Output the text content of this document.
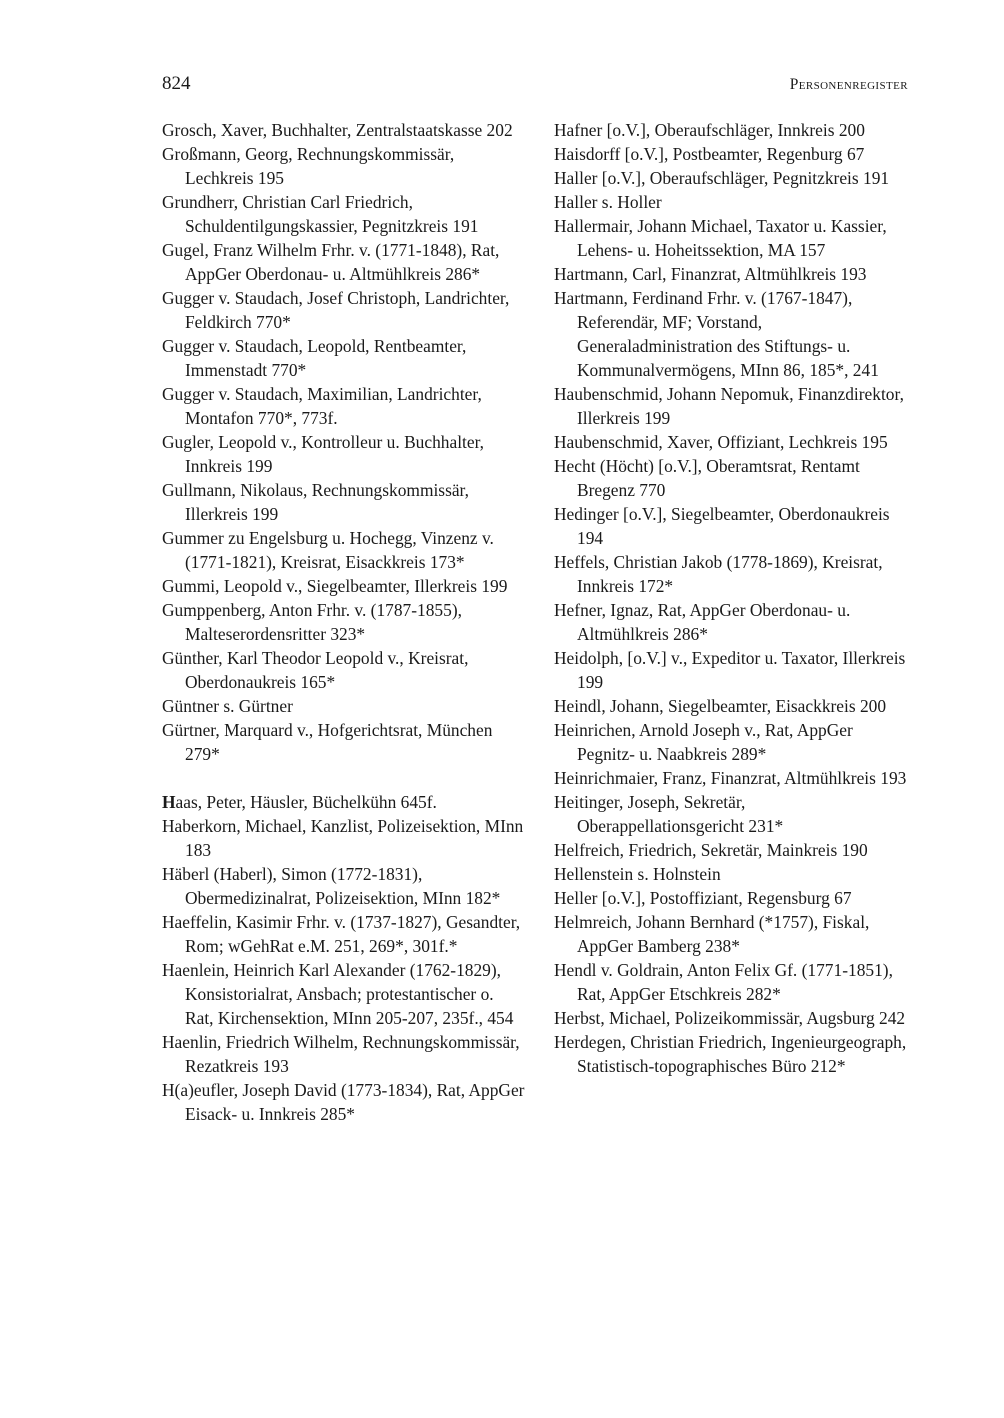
824	Personenregister

Grosch, Xaver, Buchhalter, Zentralstaatskasse 202

Großmann, Georg, Rechnungskommissär, Lechkreis 195

Grundherr, Christian Carl Friedrich, Schuldentilgungskassier, Pegnitzkreis 191

Gugel, Franz Wilhelm Frhr. v. (1771-1848), Rat, AppGer Oberdonau- u. Altmühlkreis 286*

Gugger v. Staudach, Josef Christoph, Landrichter, Feldkirch 770*

Gugger v. Staudach, Leopold, Rentbeamter, Immenstadt 770*

Gugger v. Staudach, Maximilian, Landrichter, Montafon 770*, 773f.

Gugler, Leopold v., Kontrolleur u. Buchhalter, Innkreis 199

Gullmann, Nikolaus, Rechnungskommissär, Illerkreis 199

Gummer zu Engelsburg u. Hochegg, Vinzenz v. (1771-1821), Kreisrat, Eisackkreis 173*

Gummi, Leopold v., Siegelbeamter, Illerkreis 199

Gumppenberg, Anton Frhr. v. (1787-1855), Malteserordensritter 323*

Günther, Karl Theodor Leopold v., Kreisrat, Oberdonaukreis 165*

Güntner s. Gürtner

Gürtner, Marquard v., Hofgerichtsrat, München 279*

Haas, Peter, Häusler, Büchelkühn 645f.

Haberkorn, Michael, Kanzlist, Polizeisektion, MInn 183

Häberl (Haberl), Simon (1772-1831), Obermedizinalrat, Polizeisektion, MInn 182*

Haeffelin, Kasimir Frhr. v. (1737-1827), Gesandter, Rom; wGehRat e.M. 251, 269*, 301f.*

Haenlein, Heinrich Karl Alexander (1762-1829), Konsistorialrat, Ansbach; protestantischer o. Rat, Kirchensektion, MInn 205-207, 235f., 454

Haenlin, Friedrich Wilhelm, Rechnungskommissär, Rezatkreis 193

H(a)eufler, Joseph David (1773-1834), Rat, AppGer Eisack- u. Innkreis 285*

Hafner [o.V.], Oberaufschläger, Innkreis 200

Haisdorff [o.V.], Postbeamter, Regenburg 67

Haller [o.V.], Oberaufschläger, Pegnitzkreis 191

Haller s. Holler

Hallermair, Johann Michael, Taxator u. Kassier, Lehens- u. Hoheitssektion, MA 157

Hartmann, Carl, Finanzrat, Altmühlkreis 193

Hartmann, Ferdinand Frhr. v. (1767-1847), Referendär, MF; Vorstand, Generaladministration des Stiftungs- u. Kommunalvermögens, MInn 86, 185*, 241

Haubenschmid, Johann Nepomuk, Finanzdirektor, Illerkreis 199

Haubenschmid, Xaver, Offiziant, Lechkreis 195

Hecht (Höcht) [o.V.], Oberamtsrat, Rentamt Bregenz 770

Hedinger [o.V.], Siegelbeamter, Oberdonaukreis 194

Heffels, Christian Jakob (1778-1869), Kreisrat, Innkreis 172*

Hefner, Ignaz, Rat, AppGer Oberdonau- u. Altmühlkreis 286*

Heidolph, [o.V.] v., Expeditor u. Taxator, Illerkreis 199

Heindl, Johann, Siegelbeamter, Eisackkreis 200

Heinrichen, Arnold Joseph v., Rat, AppGer Pegnitz- u. Naabkreis 289*

Heinrichmaier, Franz, Finanzrat, Altmühlkreis 193

Heitinger, Joseph, Sekretär, Oberappellationsgericht 231*

Helfreich, Friedrich, Sekretär, Mainkreis 190

Hellenstein s. Holnstein

Heller [o.V.], Postoffiziant, Regensburg 67

Helmreich, Johann Bernhard (*1757), Fiskal, AppGer Bamberg 238*

Hendl v. Goldrain, Anton Felix Gf. (1771-1851), Rat, AppGer Etschkreis 282*

Herbst, Michael, Polizeikommissär, Augsburg 242

Herdegen, Christian Friedrich, Ingenieurgeograph, Statistisch-topographisches Büro 212*
